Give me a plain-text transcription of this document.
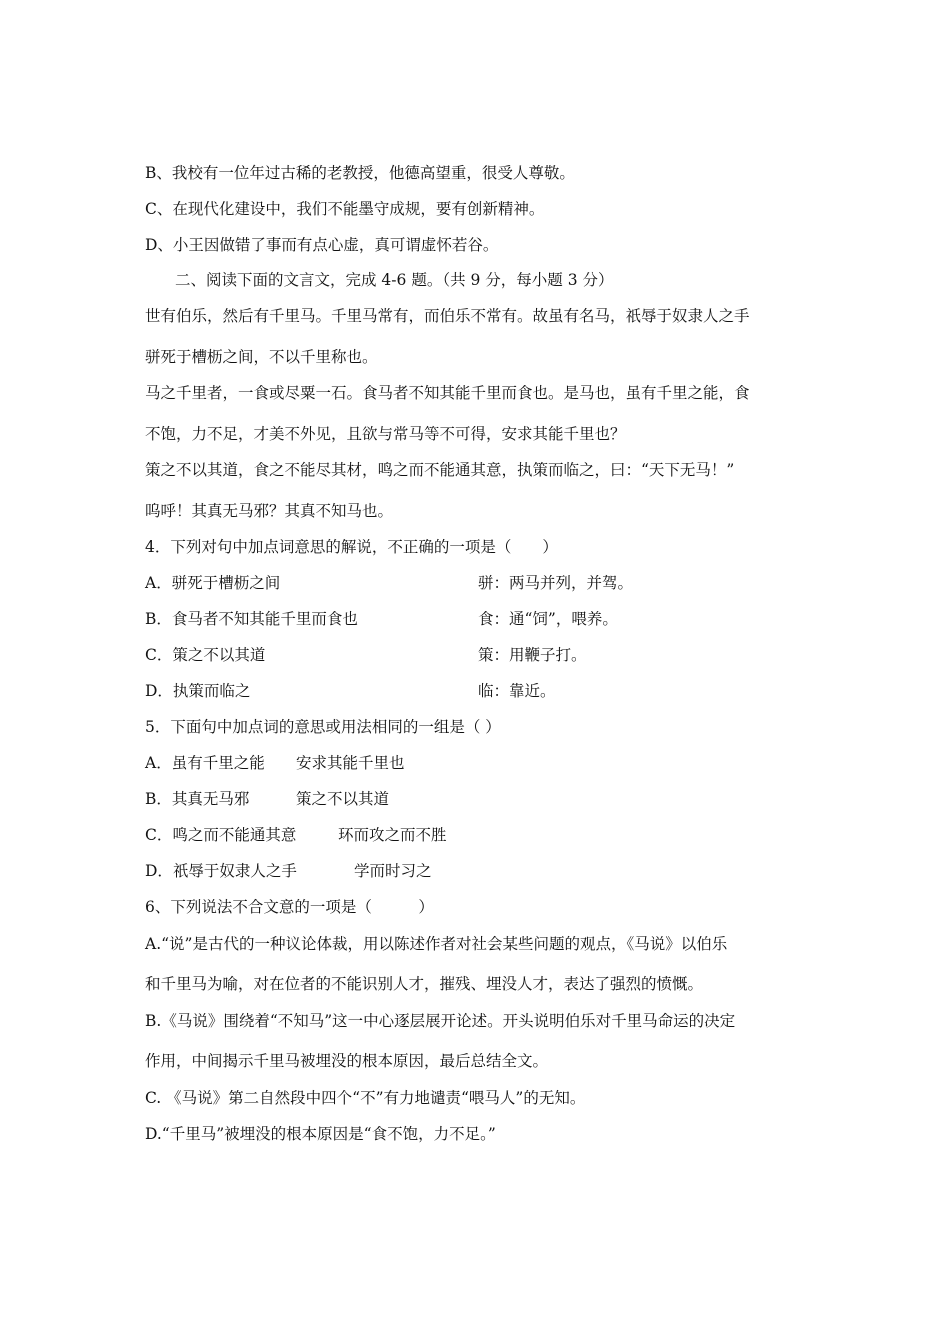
B、我校有一位年过古稀的老教授，他德高望重，很受人尊敬。
C、在现代化建设中，我们不能墨守成规，要有创新精神。
D、小王因做错了事而有点心虚，真可谓虚怀若谷。
二、阅读下面的文言文，完成 4-6 题。（共 9 分，每小题 3 分）
世有伯乐，然后有千里马。千里马常有，而伯乐不常有。故虽有名马，祇辱于奴隶人之手
骈死于槽枥之间，不以千里称也。
马之千里者，一食或尽粟一石。食马者不知其能千里而食也。是马也，虽有千里之能，食
不饱，力不足，才美不外见，且欲与常马等不可得，安求其能千里也？
策之不以其道，食之不能尽其材，鸣之而不能通其意，执策而临之，曰：“天下无马！”
呜呼！其真无马邪？其真不知马也。
4．下列对句中加点词意思的解说，不正确的一项是（　　）
A．骈死于槽枥之间	骈：两马并列，并驾。
B．食马者不知其能千里而食也	食：通“饲”，喂养。
C．策之不以其道	策：用鞭子打。
D．执策而临之	临：靠近。
5．下面句中加点词的意思或用法相同的一组是（ ）
A．虽有千里之能 安求其能千里也
B．其真无马邪	策之不以其道
C．鸣之而不能通其意	环而攻之而不胜
D．祇辱于奴隶人之手	学而时习之
6、下列说法不合文意的一项是（　　　）
A.“说”是古代的一种议论体裁，用以陈述作者对社会某些问题的观点，《马说》以伯乐
和千里马为喻，对在位者的不能识别人才，摧残、埋没人才，表达了强烈的愤慨。
B.《马说》围绕着“不知马”这一中心逐层展开论述。开头说明伯乐对千里马命运的决定
作用，中间揭示千里马被埋没的根本原因，最后总结全文。
C. 《马说》第二自然段中四个“不”有力地谴责“喂马人”的无知。
D.“千里马”被埋没的根本原因是“食不饱，力不足。”
